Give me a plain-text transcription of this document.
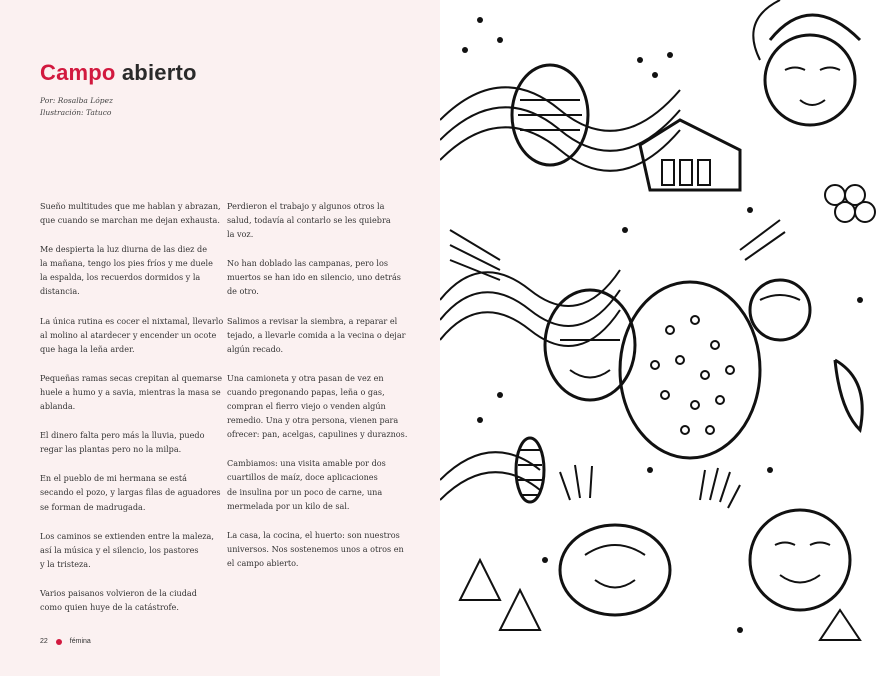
Campo abierto
Por: Rosalba López
Ilustración: Tatuco

Sueño multitudes que me hablan y abrazan,
que cuando se marchan me dejan exhausta.

Me despierta la luz diurna de las diez de
la mañana, tengo los pies fríos y me duele
la espalda, los recuerdos dormidos y la
distancia.

La única rutina es cocer el nixtamal, llevarlo
al molino al atardecer y encender un ocote
que haga la leña arder.

Pequeñas ramas secas crepitan al quemarse
huele a humo y a savia, mientras la masa se
ablanda.

El dinero falta pero más la lluvia, puedo
regar las plantas pero no la milpa.

En el pueblo de mi hermana se está
secando el pozo, y largas filas de aguadores
se forman de madrugada.

Los caminos se extienden entre la maleza,
así la música y el silencio, los pastores
y la tristeza.

Varios paisanos volvieron de la ciudad
como quien huye de la catástrofe.

Perdieron el trabajo y algunos otros la
salud, todavía al contarlo se les quiebra
la voz.

No han doblado las campanas, pero los
muertos se han ido en silencio, uno detrás
de otro.

Salimos a revisar la siembra, a reparar el
tejado, a llevarle comida a la vecina o dejar
algún recado.

Una camioneta y otra pasan de vez en
cuando pregonando papas, leña o gas,
compran el fierro viejo o venden algún
remedio. Una y otra persona, vienen para
ofrecer: pan, acelgas, capulines y duraznos.

Cambiamos: una visita amable por dos
cuartillos de maíz, doce aplicaciones
de insulina por un poco de carne, una
mermelada por un kilo de sal.

La casa, la cocina, el huerto: son nuestros
universos. Nos sostenemos unos a otros en
el campo abierto.

22	fémina
